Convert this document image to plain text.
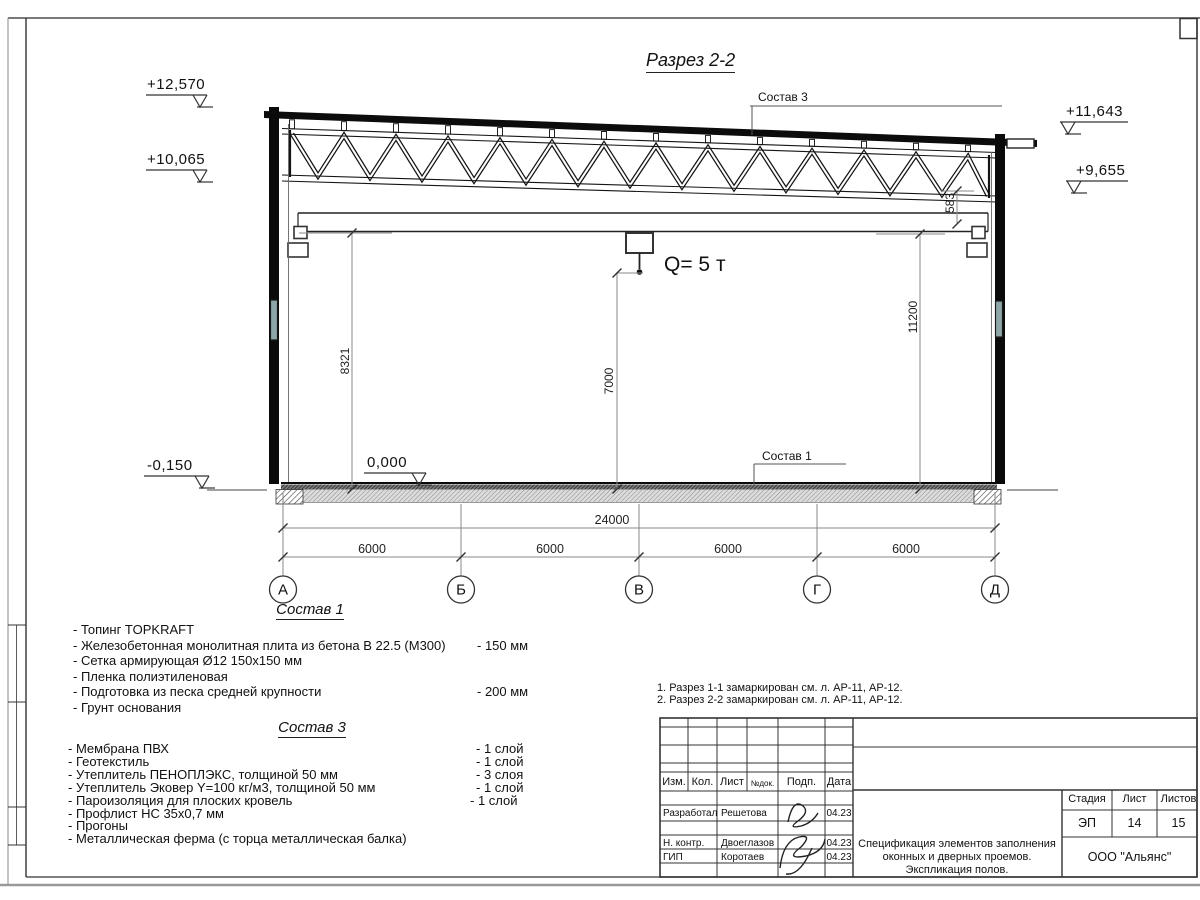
Разрез 2-2
Состав 3
Состав 1
+12,570
+10,065
+11,643
+9,655
-0,150	0,000
Q= 5 т
8321
7000
11200
583
24000
6000	6000	6000	6000
А	Б	В	Г	Д
Состав 1
- Топинг TOPKRAFT
- Железобетонная монолитная плита из бетона В 22.5 (М300) - 150 мм
- Сетка армирующая Ø12 150x150 мм
- Пленка полиэтиленовая
- Подготовка из песка средней крупности	- 200 мм
- Грунт основания
Состав 3
- Мембрана ПВХ	- 1 слой
- Геотекстиль	- 1 слой
- Утеплитель ПЕНОПЛЭКС, толщиной 50 мм	- 3 слоя
- Утеплитель Эковер Y=100 кг/м3, толщиной 50 мм	- 1 слой
- Пароизоляция для плоских кровель	- 1 слой
- Профлист НС 35x0,7 мм
- Прогоны
- Металлическая ферма (с торца металлическая балка)
1. Разрез 1-1 замаркирован см. л. АР-11, АР-12.
2. Разрез 2-2 замаркирован см. л. АР-11, АР-12.
Изм. Кол. Лист №док.	Подп. Дата
Разработал Решетова	04.23
Н. контр. Двоеглазов	04.23
ГИП	Коротаев	04.23
Спецификация элементов заполнения оконных и дверных проемов. Экспликация полов.
Стадия	Лист	Листов
ЭП	14	15
ООО "Альянс"
